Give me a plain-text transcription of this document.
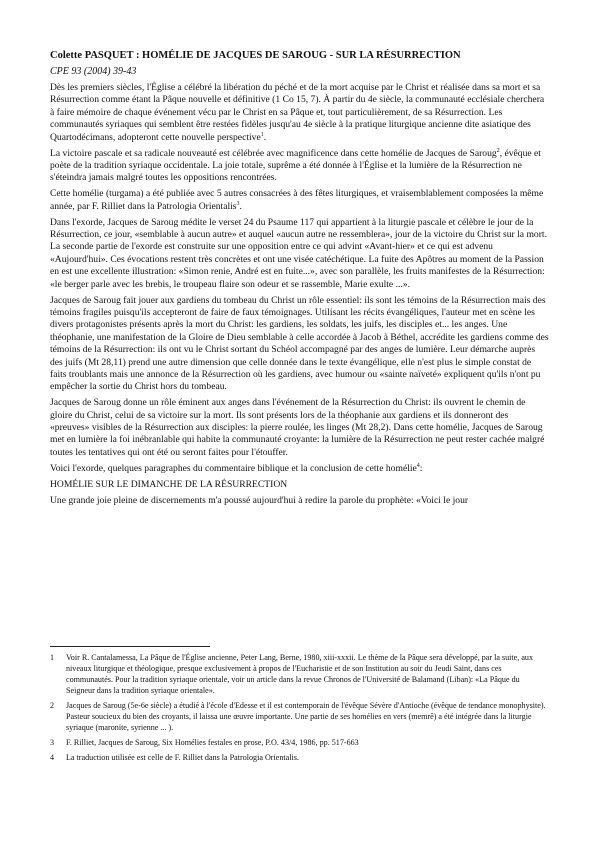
Colette PASQUET : HOMÉLIE DE JACQUES DE SAROUG - SUR LA RÉSURRECTION
CPE 93 (2004) 39-43

Dès les premiers siècles, l'Église a célébré la libération du péché et de la mort acquise par le Christ et réalisée dans sa mort et sa Résurrection comme étant la Pâque nouvelle et définitive (1 Co 15, 7). À partir du 4e siècle, la communauté ecclésiale cherchera à faire mémoire de chaque événement vécu par le Christ en sa Pâque et, tout particulièrement, de sa Résurrection. Les communautés syriaques qui semblent être restées fidèles jusqu'au 4e siècle à la pratique liturgique ancienne dite asiatique des Quartodécimans, adopteront cette nouvelle perspective$^1$.

La victoire pascale et sa radicale nouveauté est célébrée avec magnificence dans cette homélie de Jacques de Saroug$^2$, évêque et poète de la tradition syriaque occidentale. La joie totale, suprême a été donnée à l'Église et la lumière de la Résurrection ne s'éteindra jamais malgré toutes les oppositions rencontrées.

Cette homélie (turgama) a été publiée avec 5 autres consacrées à des fêtes liturgiques, et vraisemblablement composées la même année, par F. Rilliet dans la Patrologia Orientalis$^3$.

Dans l'exorde, Jacques de Saroug médite le verset 24 du Psaume 117 qui appartient à la liturgie pascale et célèbre le jour de la Résurrection, ce jour, «semblable à aucun autre» et auquel «aucun autre ne ressemblera», jour de la victoire du Christ sur la mort. La seconde partie de l'exorde est construite sur une opposition entre ce qui advint «Avant-hier» et ce qui est advenu «Aujourd'hui». Ces évocations restent très concrètes et ont une visée catéchétique. La fuite des Apôtres au moment de la Passion en est une excellente illustration: «Simon renie, André est en fuite...», avec son parallèle, les fruits manifestes de la Résurrection: «le berger parle avec les brebis, le troupeau flaire son odeur et se rassemble, Marie exulte ...».

Jacques de Saroug fait jouer aux gardiens du tombeau du Christ un rôle essentiel: ils sont les témoins de la Résurrection mais des témoins fragiles puisqu'ils accepteront de faire de faux témoignages. Utilisant les récits évangéliques, l'auteur met en scène les divers protagonistes présents après la mort du Christ: les gardiens, les soldats, les juifs, les disciples et... les anges. Une théophanie, une manifestation de la Gloire de Dieu semblable à celle accordée à Jacob à Béthel, accrédite les gardiens comme des témoins de la Résurrection: ils ont vu le Christ sortant du Schéol accompagné par des anges de lumière. Leur démarche auprès des juifs (Mt 28,11) prend une autre dimension que celle donnée dans le texte évangélique, elle n'est plus le simple constat de faits troublants mais une annonce de la Résurrection où les gardiens, avec humour ou «sainte naïveté» expliquent qu'ils n'ont pu empêcher la sortie du Christ hors du tombeau.

Jacques de Saroug donne un rôle éminent aux anges dans l'événement de la Résurrection du Christ: ils ouvrent le chemin de gloire du Christ, celui de sa victoire sur la mort. Ils sont présents lors de la théophanie aux gardiens et ils donneront des «preuves» visibles de la Résurrection aux disciples: la pierre roulée, les linges (Mt 28,2). Dans cette homélie, Jacques de Saroug met en lumière la foi inébranlable qui habite la communauté croyante: la lumière de la Résurrection ne peut rester cachée malgré toutes les tentatives qui ont été ou seront faites pour l'étouffer.

Voici l'exorde, quelques paragraphes du commentaire biblique et la conclusion de cette homélie$^4$:

HOMÉLIE SUR LE DIMANCHE DE LA RÉSURRECTION

Une grande joie pleine de discernements m'a poussé aujourd'hui à redire la parole du prophète: «Voici le jour

1	Voir R. Cantalamessa, La Pâque de l'Église ancienne, Peter Lang, Berne, 1980, xiii-xxxii. Le thème de la Pâque sera développé, par la suite, aux niveaux liturgique et théologique, presque exclusivement à propos de l'Eucharistie et de son Institution au soir du Jeudi Saint, dans ces communautés. Pour la tradition syriaque orientale, voir un article dans la revue Chronos de l'Université de Balamand (Liban): «La Pâque du Seigneur dans la tradition syriaque orientale».
2	Jacques de Saroug (5e-6e siècle) a étudié à l'école d'Edesse et il est contemporain de l'évêque Sévère d'Antioche (évêque de tendance monophysite). Pasteur soucieux du bien des croyants, il laissa une œuvre importante. Une partie de ses homélies en vers (memrê) a été intégrée dans la liturgie syriaque (maronite, syrienne ... ).
3	F. Rilliet, Jacques de Saroug, Six Homélies festales en prose, P.O. 43/4, 1986, pp. 517-663
4	La traduction utilisée est celle de F. Rilliet dans la Patrologia Orientalis.
